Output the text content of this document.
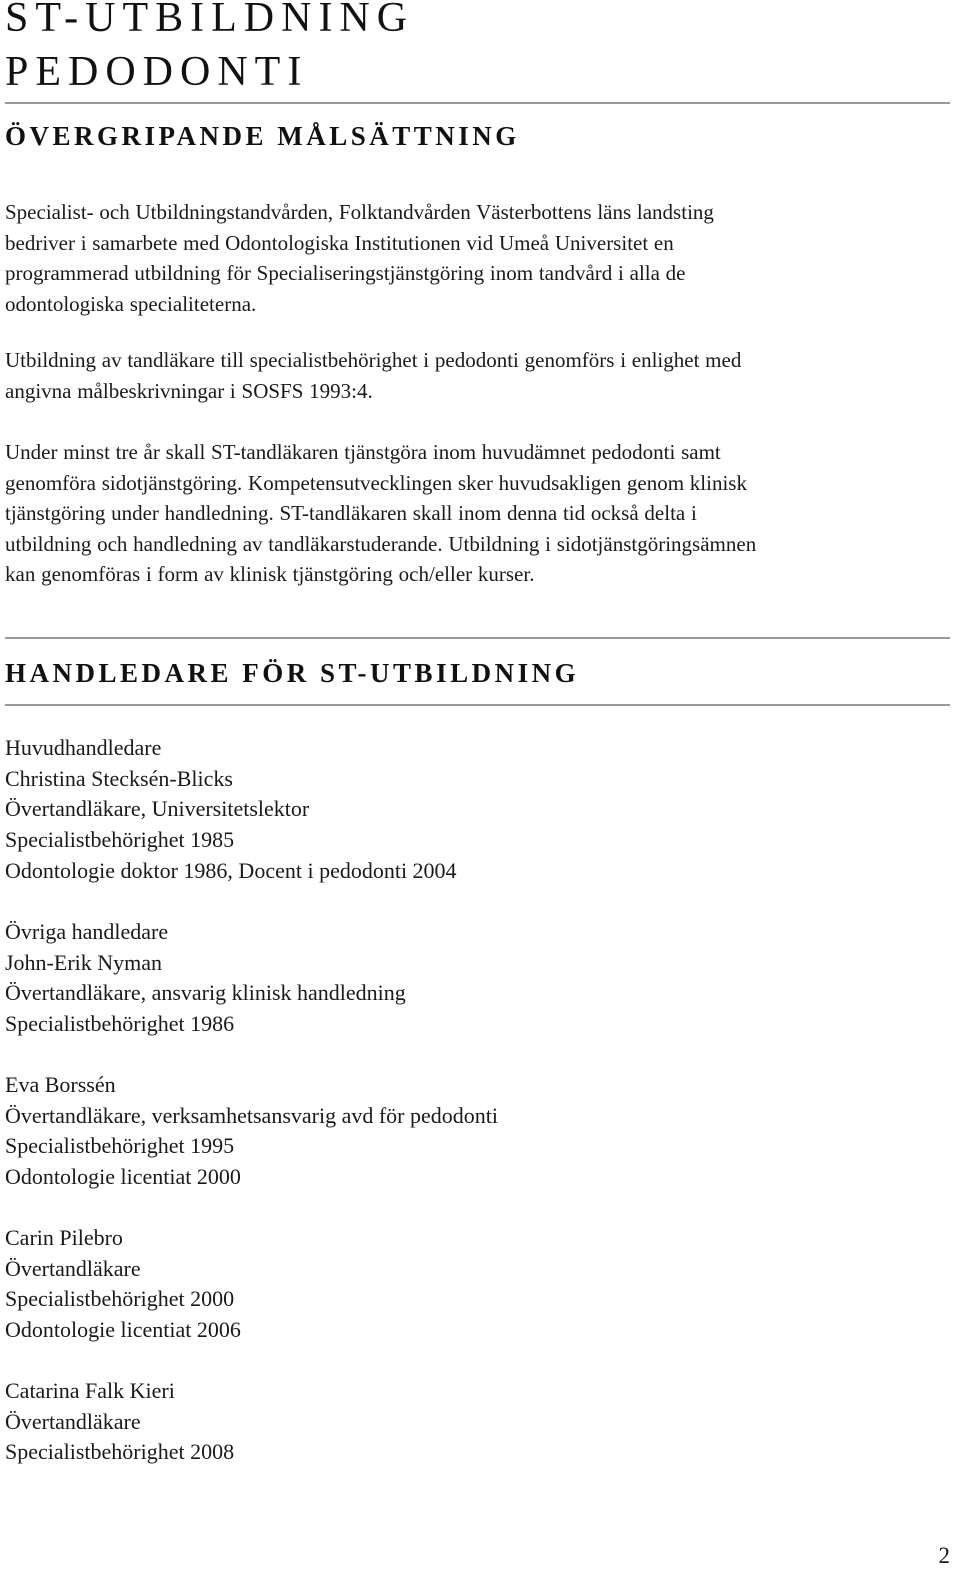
ST-UTBILDNING
PEDODONTI
ÖVERGRIPANDE MÅLSÄTTNING

Specialist- och Utbildningstandvården, Folktandvården Västerbottens läns landsting
bedriver i samarbete med Odontologiska Institutionen vid Umeå Universitet en
programmerad utbildning för Specialiseringstjänstgöring inom tandvård i alla de
odontologiska specialiteterna.

Utbildning av tandläkare till specialistbehörighet i pedodonti genomförs i enlighet med
angivna målbeskrivningar i SOSFS 1993:4.

Under minst tre år skall ST-tandläkaren tjänstgöra inom huvudämnet pedodonti samt
genomföra sidotjänstgöring. Kompetensutvecklingen sker huvudsakligen genom klinisk
tjänstgöring under handledning. ST-tandläkaren skall inom denna tid också delta i
utbildning och handledning av tandläkarstuderande. Utbildning i sidotjänstgöringsämnen
kan genomföras i form av klinisk tjänstgöring och/eller kurser.

HANDLEDARE FÖR ST-UTBILDNING
Huvudhandledare
Christina Stecksén-Blicks
Övertandläkare, Universitetslektor
Specialistbehörighet 1985
Odontologie doktor 1986, Docent i pedodonti 2004
Övriga handledare
John-Erik Nyman
Övertandläkare, ansvarig klinisk handledning
Specialistbehörighet 1986
Eva Borssén
Övertandläkare, verksamhetsansvarig avd för pedodonti
Specialistbehörighet 1995
Odontologie licentiat 2000
Carin Pilebro
Övertandläkare
Specialistbehörighet 2000
Odontologie licentiat 2006
Catarina Falk Kieri
Övertandläkare
Specialistbehörighet 2008
2
